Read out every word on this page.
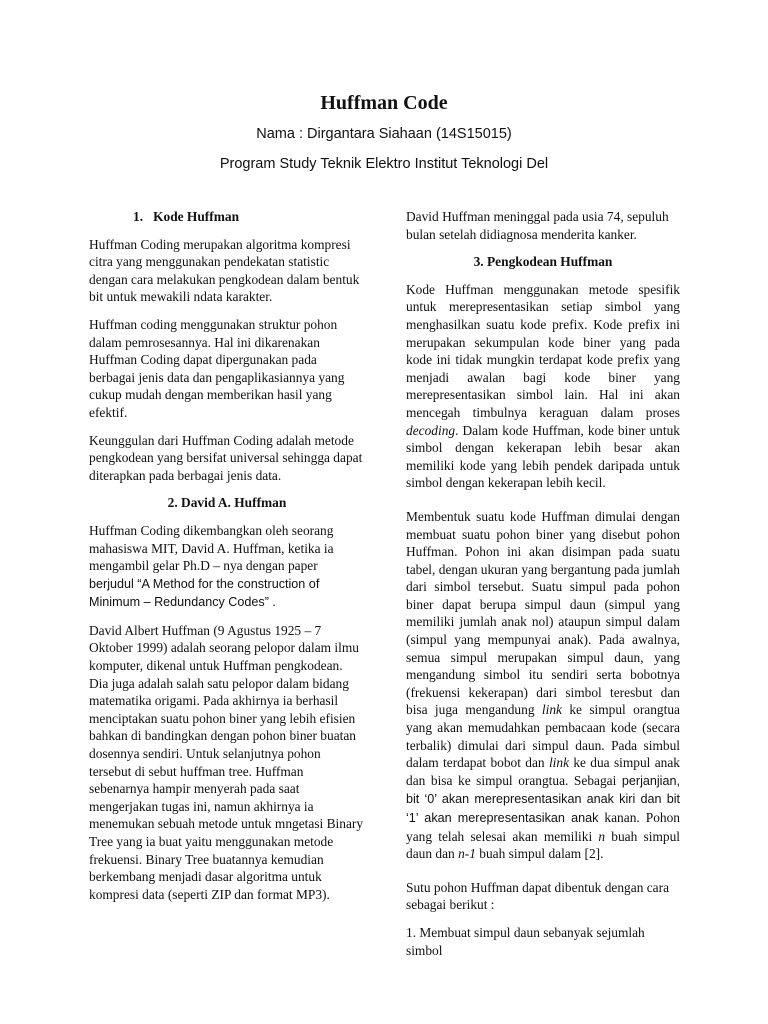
Huffman Code

Nama : Dirgantara Siahaan (14S15015)

Program Study Teknik Elektro Institut Teknologi Del

1.   Kode Huffman

Huffman Coding merupakan algoritma kompresi citra yang menggunakan pendekatan statistic dengan cara melakukan pengkodean dalam bentuk bit untuk mewakili ndata karakter.

Huffman coding menggunakan struktur pohon dalam pemrosesannya. Hal ini dikarenakan Huffman Coding dapat dipergunakan pada berbagai jenis data dan pengaplikasiannya yang cukup mudah dengan memberikan hasil yang efektif.

Keunggulan dari Huffman Coding adalah metode pengkodean yang bersifat universal sehingga dapat diterapkan pada berbagai jenis data.

2. David A. Huffman

Huffman Coding dikembangkan oleh seorang mahasiswa MIT, David A. Huffman, ketika ia mengambil gelar Ph.D – nya dengan paper berjudul “A Method for the construction of Minimum – Redundancy Codes” .

David Albert Huffman (9 Agustus 1925 – 7 Oktober 1999) adalah seorang pelopor dalam ilmu komputer, dikenal untuk Huffman pengkodean. Dia juga adalah salah satu pelopor dalam bidang matematika origami. Pada akhirnya ia berhasil menciptakan suatu pohon biner yang lebih efisien bahkan di bandingkan dengan pohon biner buatan dosennya sendiri. Untuk selanjutnya pohon tersebut di sebut huffman tree. Huffman sebenarnya hampir menyerah pada saat mengerjakan tugas ini, namun akhirnya ia menemukan sebuah metode untuk mngetasi Binary Tree yang ia buat yaitu menggunakan metode frekuensi. Binary Tree buatannya kemudian berkembang menjadi dasar algoritma untuk kompresi data (seperti ZIP dan format MP3).

David Huffman meninggal pada usia 74, sepuluh bulan setelah didiagnosa menderita kanker.

3. Pengkodean Huffman

Kode Huffman menggunakan metode spesifik untuk merepresentasikan setiap simbol yang menghasilkan suatu kode prefix. Kode prefix ini merupakan sekumpulan kode biner yang pada kode ini tidak mungkin terdapat kode prefix yang menjadi awalan bagi kode biner yang merepresentasikan simbol lain. Hal ini akan mencegah timbulnya keraguan dalam proses decoding. Dalam kode Huffman, kode biner untuk simbol dengan kekerapan lebih besar akan memiliki kode yang lebih pendek daripada untuk simbol dengan kekerapan lebih kecil.

Membentuk suatu kode Huffman dimulai dengan membuat suatu pohon biner yang disebut pohon Huffman. Pohon ini akan disimpan pada suatu tabel, dengan ukuran yang bergantung pada jumlah dari simbol tersebut. Suatu simpul pada pohon biner dapat berupa simpul daun (simpul yang memiliki jumlah anak nol) ataupun simpul dalam (simpul yang mempunyai anak). Pada awalnya, semua simpul merupakan simpul daun, yang mengandung simbol itu sendiri serta bobotnya (frekuensi kekerapan) dari simbol teresbut dan bisa juga mengandung link ke simpul orangtua yang akan memudahkan pembacaan kode (secara terbalik) dimulai dari simpul daun. Pada simbul dalam terdapat bobot dan link ke dua simpul anak dan bisa ke simpul orangtua. Sebagai perjanjian, bit ‘0’ akan merepresentasikan anak kiri dan bit ‘1’ akan merepresentasikan anak kanan. Pohon yang telah selesai akan memiliki n buah simpul daun dan n-1 buah simpul dalam [2].

Sutu pohon Huffman dapat dibentuk dengan cara sebagai berikut :

1. Membuat simpul daun sebanyak sejumlah simbol
